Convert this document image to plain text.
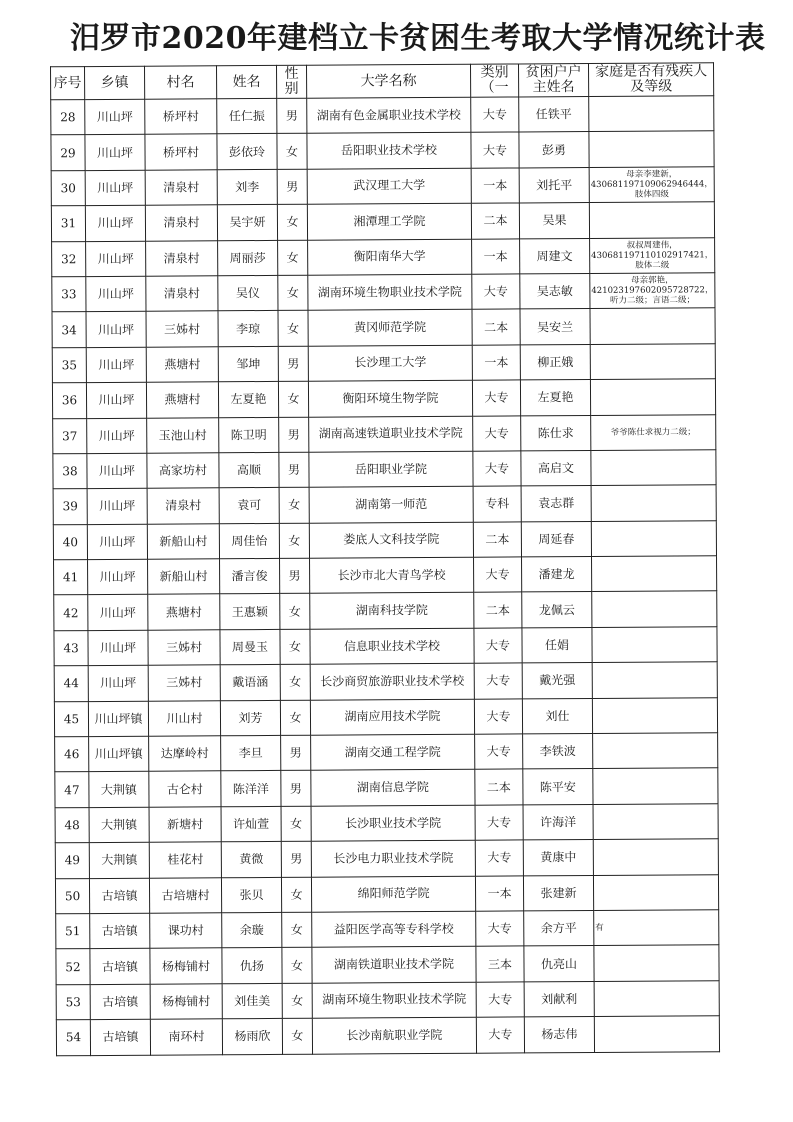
汨罗市2020年建档立卡贫困生考取大学情况统计表
序号	乡镇	村名	姓名	性别	大学名称	类别（一	贫困户户主姓名	家庭是否有残疾人及等级
28	川山坪	桥坪村	任仁振	男	湖南有色金属职业技术学校	大专	任铁平	
29	川山坪	桥坪村	彭依玲	女	岳阳职业技术学校	大专	彭勇	
30	川山坪	清泉村	刘李	男	武汉理工大学	一本	刘托平	母亲李建新，430681197109062946444，肢体四级
31	川山坪	清泉村	吴宇妍	女	湘潭理工学院	二本	吴果	
32	川山坪	清泉村	周丽莎	女	衡阳南华大学	一本	周建文	叔叔周建伟，430681197110102917421，肢体二级
33	川山坪	清泉村	吴仪	女	湖南环境生物职业技术学院	大专	吴志敏	母亲郭艳，421023197602095728722，听力二级；言语二级；
34	川山坪	三姊村	李琼	女	黄冈师范学院	二本	吴安兰	
35	川山坪	燕塘村	邹坤	男	长沙理工大学	一本	柳正娥	
36	川山坪	燕塘村	左夏艳	女	衡阳环境生物学院	大专	左夏艳	
37	川山坪	玉池山村	陈卫明	男	湖南高速铁道职业技术学院	大专	陈仕求	爷爷陈仕求视力二级；
38	川山坪	高家坊村	高顺	男	岳阳职业学院	大专	高启文	
39	川山坪	清泉村	袁可	女	湖南第一师范	专科	袁志群	
40	川山坪	新船山村	周佳怡	女	娄底人文科技学院	二本	周延春	
41	川山坪	新船山村	潘言俊	男	长沙市北大青鸟学校	大专	潘建龙	
42	川山坪	燕塘村	王惠颖	女	湖南科技学院	二本	龙佩云	
43	川山坪	三姊村	周曼玉	女	信息职业技术学校	大专	任娟	
44	川山坪	三姊村	戴语涵	女	长沙商贸旅游职业技术学校	大专	戴光强	
45	川山坪镇	川山村	刘芳	女	湖南应用技术学院	大专	刘仕	
46	川山坪镇	达摩岭村	李旦	男	湖南交通工程学院	大专	李铁波	
47	大荆镇	古仑村	陈洋洋	男	湖南信息学院	二本	陈平安	
48	大荆镇	新塘村	许灿萱	女	长沙职业技术学院	大专	许海洋	
49	大荆镇	桂花村	黄微	男	长沙电力职业技术学院	大专	黄康中	
50	古培镇	古培塘村	张贝	女	绵阳师范学院	一本	张建新	
51	古培镇	课功村	余璇	女	益阳医学高等专科学校	大专	余方平	有
52	古培镇	杨梅铺村	仇扬	女	湖南铁道职业技术学院	三本	仇亮山	
53	古培镇	杨梅铺村	刘佳美	女	湖南环境生物职业技术学院	大专	刘献利	
54	古培镇	南环村	杨雨欣	女	长沙南航职业学院	大专	杨志伟	
